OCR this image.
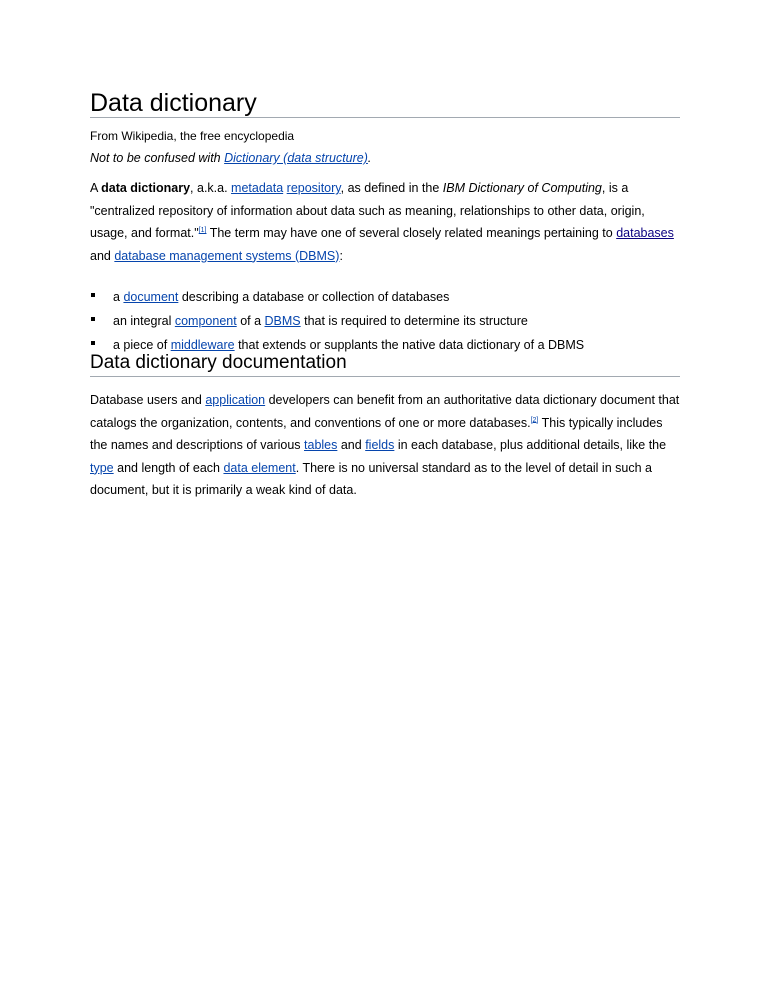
Data dictionary
From Wikipedia, the free encyclopedia
Not to be confused with Dictionary (data structure).

A data dictionary, a.k.a. metadata repository, as defined in the IBM Dictionary of Computing, is a "centralized repository of information about data such as meaning, relationships to other data, origin, usage, and format."[1] The term may have one of several closely related meanings pertaining to databases and database management systems (DBMS):

a document describing a database or collection of databases
an integral component of a DBMS that is required to determine its structure
a piece of middleware that extends or supplants the native data dictionary of a DBMS
Data dictionary documentation

Database users and application developers can benefit from an authoritative data dictionary document that catalogs the organization, contents, and conventions of one or more databases.[2] This typically includes the names and descriptions of various tables and fields in each database, plus additional details, like the type and length of each data element. There is no universal standard as to the level of detail in such a document, but it is primarily a weak kind of data.
